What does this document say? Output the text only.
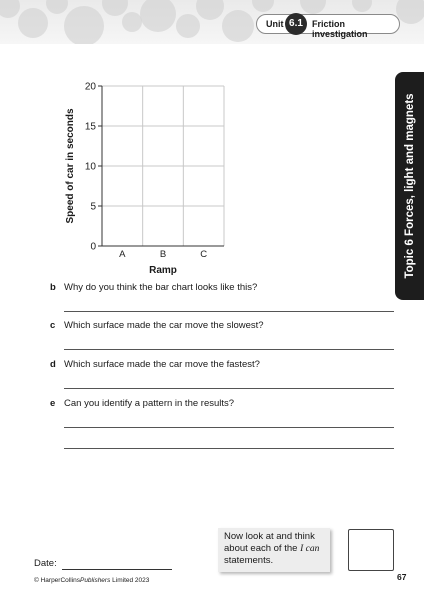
Unit 6.1	Friction investigation
Topic 6 Forces, light and magnets
0
5
10
15
20
A	B	C
Ramp
Speed of car in seconds
b Why do you think the bar chart looks like this?
c Which surface made the car move the slowest?
d Which surface made the car move the fastest?
e Can you identify a pattern in the results?
Date:
© HarperCollinsPublishers Limited 2023
Now look at and think about each of the I can statements.
67
